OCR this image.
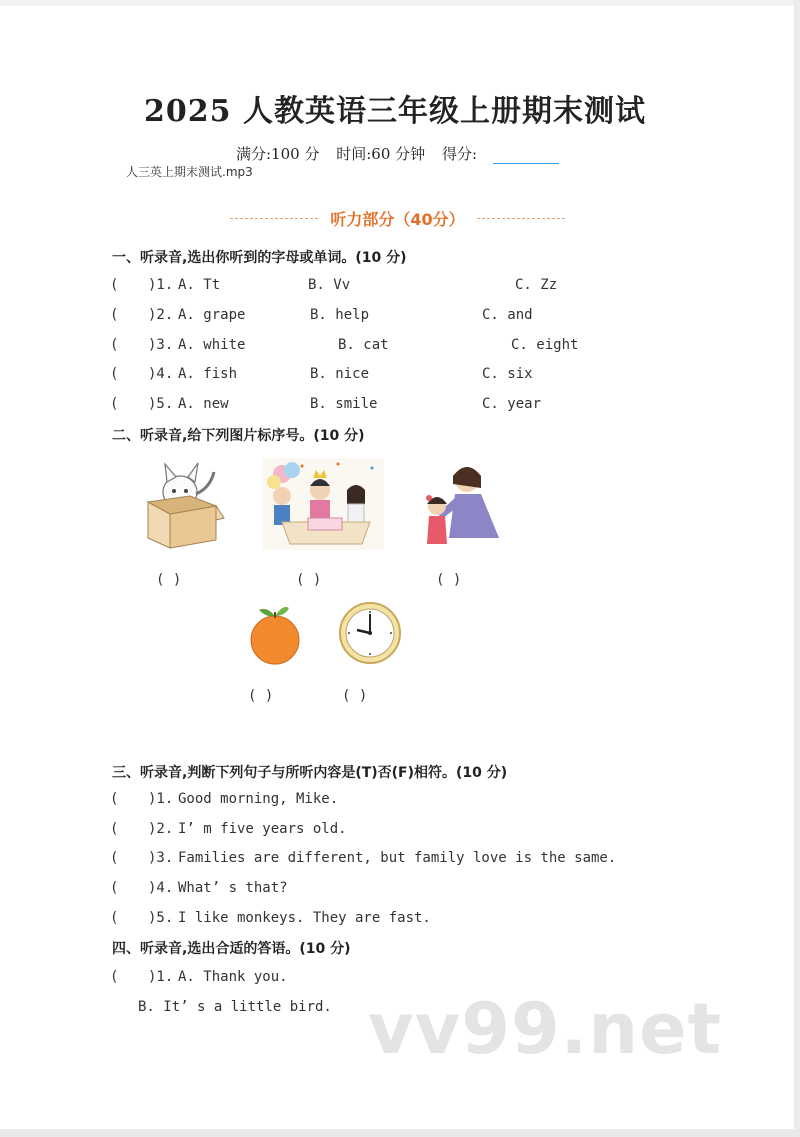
2025 人教英语三年级上册期末测试
满分:100 分 时间:60 分钟 得分:
人三英上期末测试.mp3
听力部分（40分）
一、听录音,选出你听到的字母或单词。(10 分)
( )1. A. Tt	B. Vv	C. Zz
( )2. A. grape	B. help	C. and
( )3. A. white	B. cat	C. eight
( )4. A. fish	B. nice	C. six
( )5. A. new	B. smile	C. year
二、听录音,给下列图片标序号。(10 分)
( )	( )	( )
( )	( )
三、听录音,判断下列句子与所听内容是(T)否(F)相符。(10 分)
( )1. Good morning, Mike.
( )2. I’ m five years old.
( )3. Families are different, but family love is the same.
( )4. What’ s that?
( )5. I like monkeys. They are fast.
四、听录音,选出合适的答语。(10 分)
( )1. A. Thank you.
B. It’ s a little bird. vv99.net
